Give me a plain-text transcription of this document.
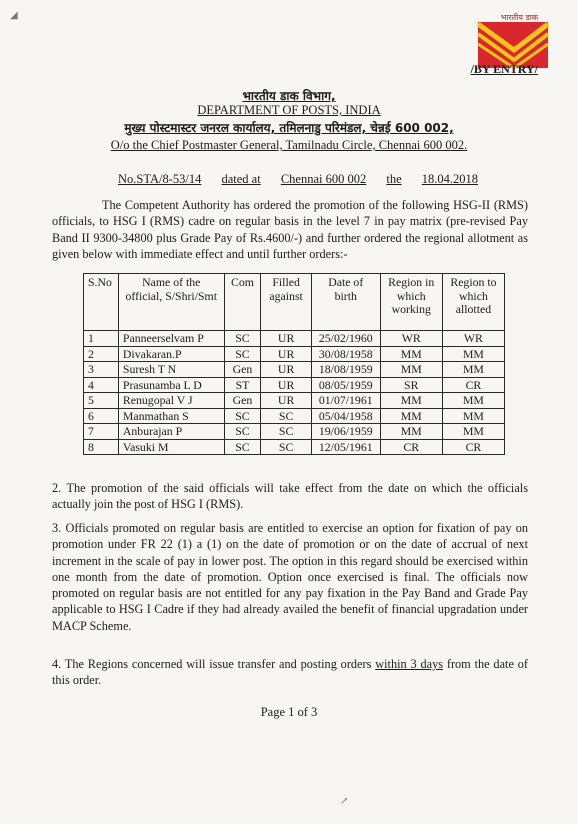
भारतीय डाक
/BY ENTRY/
भारतीय डाक विभाग,
DEPARTMENT OF POSTS, INDIA
मुख्य पोस्टमास्टर जनरल कार्यालय, तमिलनाडु परिमंडल, चेन्नई 600 002,
O/o the Chief Postmaster General, Tamilnadu Circle, Chennai 600 002.
No.STA/8-53/14 dated at Chennai 600 002 the 18.04.2018
The Competent Authority has ordered the promotion of the following HSG-II (RMS) officials, to HSG I (RMS) cadre on regular basis in the level 7 in pay matrix (pre-revised Pay Band II 9300-34800 plus Grade Pay of Rs.4600/-) and further ordered the regional allotment as given below with immediate effect and until further orders:-
S.No	Name of the official, S/Shri/Smt	Com	Filled against	Date of birth	Region in which working	Region to which allotted
1	Panneerselvam P	SC	UR	25/02/1960	WR	WR
2	Divakaran.P	SC	UR	30/08/1958	MM	MM
3	Suresh T N	Gen	UR	18/08/1959	MM	MM
4	Prasunamba L D	ST	UR	08/05/1959	SR	CR
5	Renugopal V J	Gen	UR	01/07/1961	MM	MM
6	Manmathan S	SC	SC	05/04/1958	MM	MM
7	Anburajan P	SC	SC	19/06/1959	MM	MM
8	Vasuki M	SC	SC	12/05/1961	CR	CR
2. The promotion of the said officials will take effect from the date on which the officials actually join the post of HSG I (RMS).
3. Officials promoted on regular basis are entitled to exercise an option for fixation of pay on promotion under FR 22 (1) a (1) on the date of promotion or on the date of accrual of next increment in the scale of pay in lower post. The option in this regard should be exercised within one month from the date of promotion. Option once exercised is final. The officials now promoted on regular basis are not entitled for any pay fixation in the Pay Band and Grade Pay applicable to HSG I Cadre if they had already availed the benefit of financial upgradation under MACP Scheme.
4. The Regions concerned will issue transfer and posting orders within 3 days from the date of this order.
Page 1 of 3
◢
↗
